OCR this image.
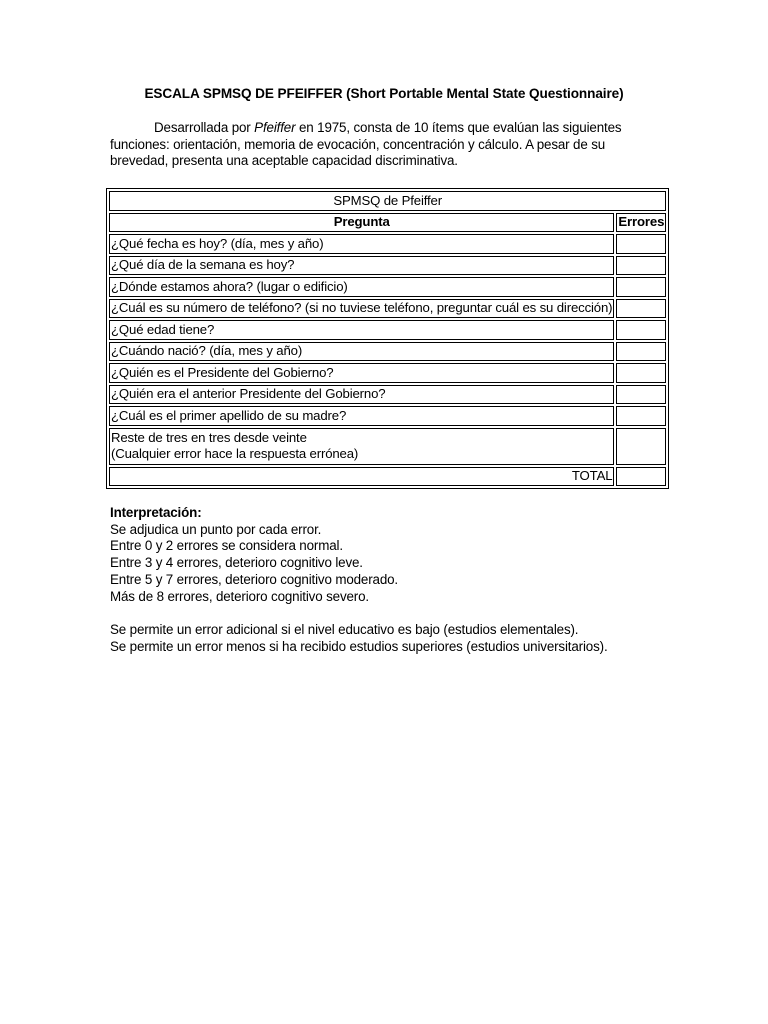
ESCALA SPMSQ DE PFEIFFER (Short Portable Mental State Questionnaire)
Desarrollada por Pfeiffer en 1975, consta de 10 ítems que evalúan las siguientes funciones: orientación, memoria de evocación, concentración y cálculo. A pesar de su brevedad, presenta una aceptable capacidad discriminativa.
SPMSQ de Pfeiffer	
Pregunta	Errores
¿Qué fecha es hoy? (día, mes y año)	
¿Qué día de la semana es hoy?	
¿Dónde estamos ahora? (lugar o edificio)	
¿Cuál es su número de teléfono? (si no tuviese teléfono, preguntar cuál es su dirección)	
¿Qué edad tiene?	
¿Cuándo nació? (día, mes y año)	
¿Quién es el Presidente del Gobierno?	
¿Quién era el anterior Presidente del Gobierno?	
¿Cuál es el primer apellido de su madre?	

Reste de tres en tres desde veinte
(Cualquier error hace la respuesta errónea)	

TOTAL	
Interpretación:
Se adjudica un punto por cada error.
Entre 0 y 2 errores se considera normal.
Entre 3 y 4 errores, deterioro cognitivo leve.
Entre 5 y 7 errores, deterioro cognitivo moderado.
Más de 8 errores, deterioro cognitivo severo.
Se permite un error adicional si el nivel educativo es bajo (estudios elementales).
Se permite un error menos si ha recibido estudios superiores (estudios universitarios).
